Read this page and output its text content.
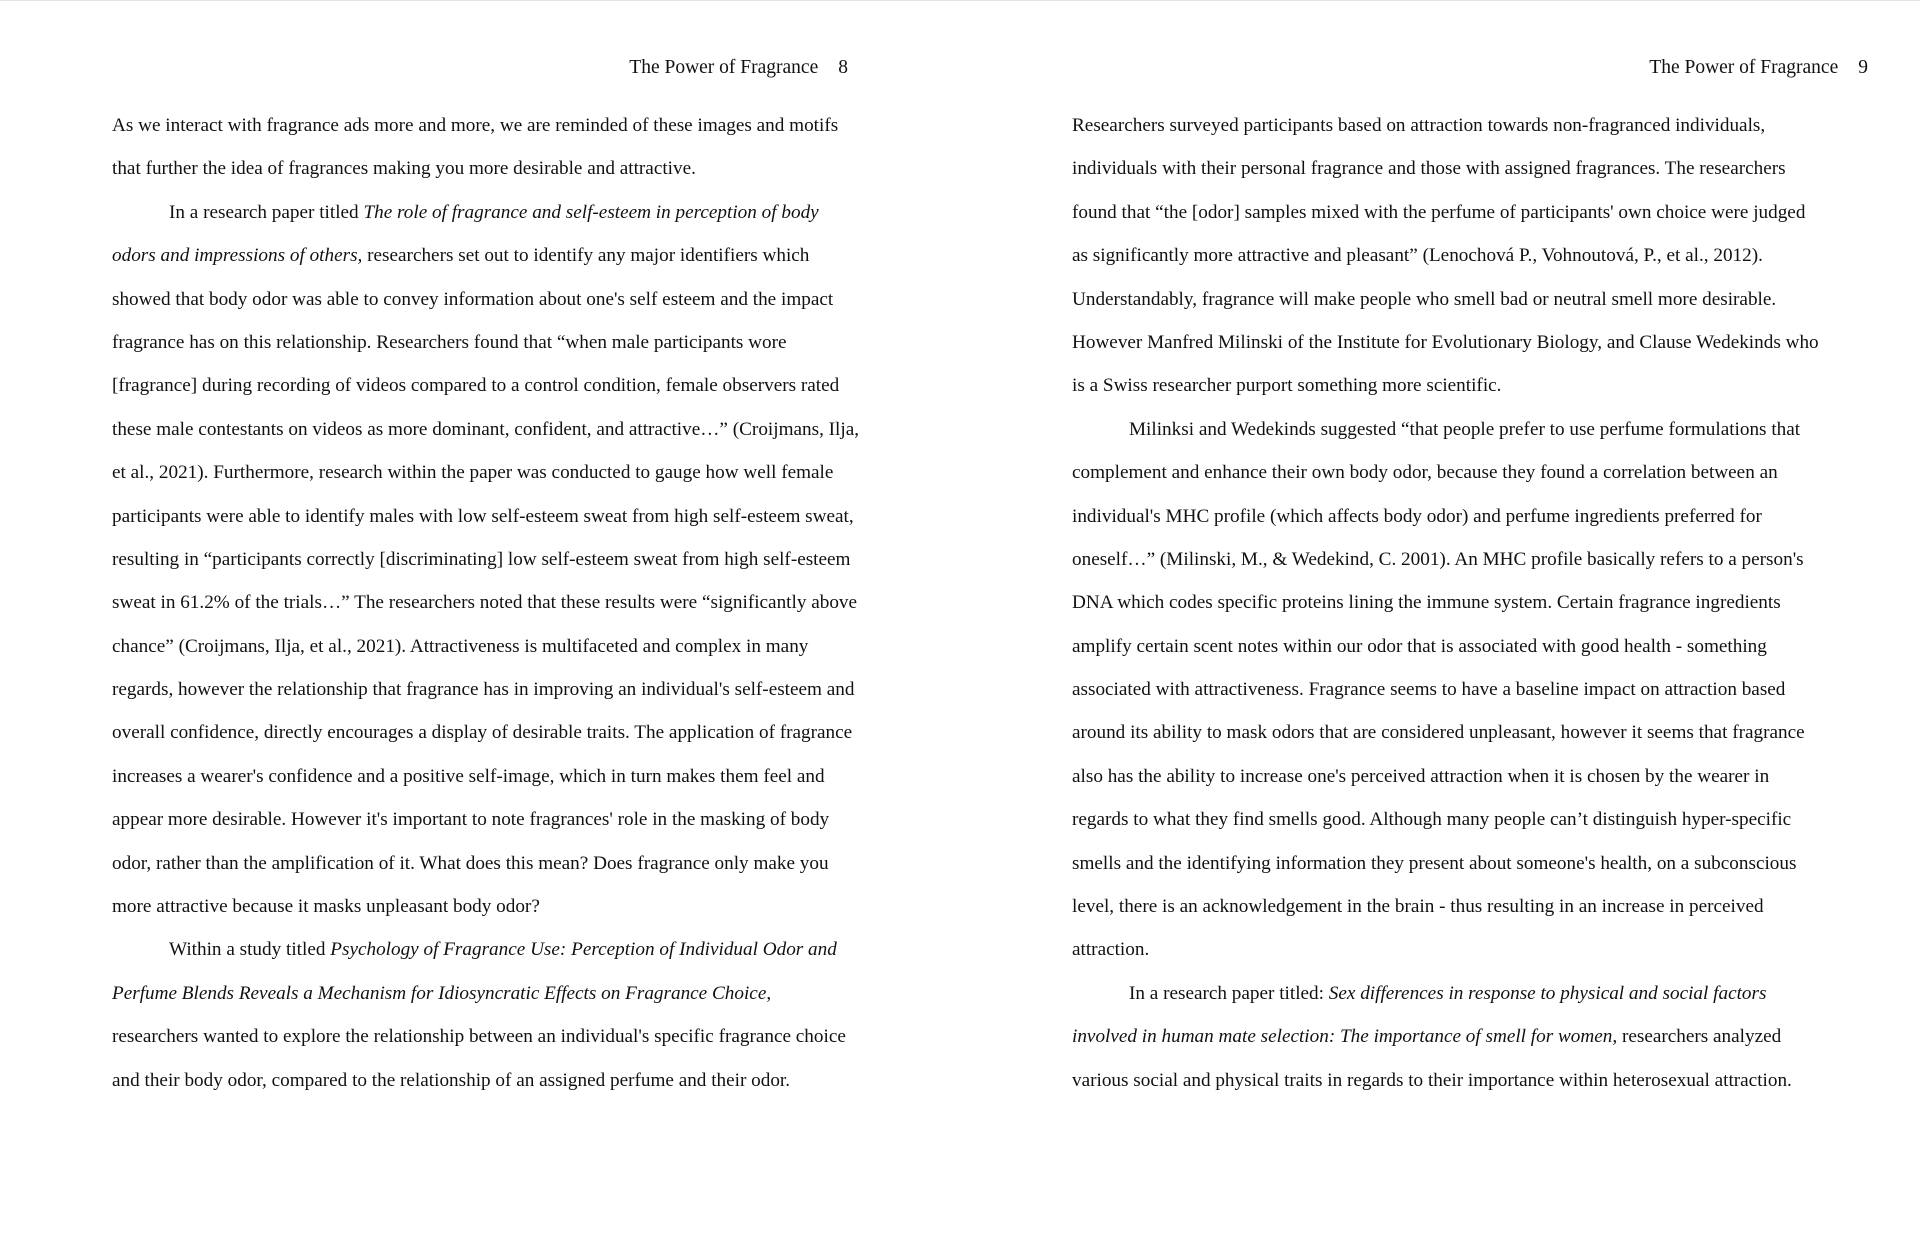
The Power of Fragrance 8
As we interact with fragrance ads more and more, we are reminded of these images and motifs
that further the idea of fragrances making you more desirable and attractive.
In a research paper titled The role of fragrance and self-esteem in perception of body
odors and impressions of others, researchers set out to identify any major identifiers which
showed that body odor was able to convey information about one's self esteem and the impact
fragrance has on this relationship. Researchers found that “when male participants wore
[fragrance] during recording of videos compared to a control condition, female observers rated
these male contestants on videos as more dominant, confident, and attractive…” (Croijmans, Ilja,
et al., 2021). Furthermore, research within the paper was conducted to gauge how well female
participants were able to identify males with low self-esteem sweat from high self-esteem sweat,
resulting in “participants correctly [discriminating] low self-esteem sweat from high self-esteem
sweat in 61.2% of the trials…” The researchers noted that these results were “significantly above
chance” (Croijmans, Ilja, et al., 2021). Attractiveness is multifaceted and complex in many
regards, however the relationship that fragrance has in improving an individual's self-esteem and
overall confidence, directly encourages a display of desirable traits. The application of fragrance
increases a wearer's confidence and a positive self-image, which in turn makes them feel and
appear more desirable. However it's important to note fragrances' role in the masking of body
odor, rather than the amplification of it. What does this mean? Does fragrance only make you
more attractive because it masks unpleasant body odor?
Within a study titled Psychology of Fragrance Use: Perception of Individual Odor and
Perfume Blends Reveals a Mechanism for Idiosyncratic Effects on Fragrance Choice,
researchers wanted to explore the relationship between an individual's specific fragrance choice
and their body odor, compared to the relationship of an assigned perfume and their odor.
The Power of Fragrance 9
Researchers surveyed participants based on attraction towards non-fragranced individuals,
individuals with their personal fragrance and those with assigned fragrances. The researchers
found that “the [odor] samples mixed with the perfume of participants' own choice were judged
as significantly more attractive and pleasant” (Lenochová P., Vohnoutová, P., et al., 2012).
Understandably, fragrance will make people who smell bad or neutral smell more desirable.
However Manfred Milinski of the Institute for Evolutionary Biology, and Clause Wedekinds who
is a Swiss researcher purport something more scientific.
Milinksi and Wedekinds suggested “that people prefer to use perfume formulations that
complement and enhance their own body odor, because they found a correlation between an
individual's MHC profile (which affects body odor) and perfume ingredients preferred for
oneself…” (Milinski, M., & Wedekind, C. 2001). An MHC profile basically refers to a person's
DNA which codes specific proteins lining the immune system. Certain fragrance ingredients
amplify certain scent notes within our odor that is associated with good health - something
associated with attractiveness. Fragrance seems to have a baseline impact on attraction based
around its ability to mask odors that are considered unpleasant, however it seems that fragrance
also has the ability to increase one's perceived attraction when it is chosen by the wearer in
regards to what they find smells good. Although many people can’t distinguish hyper-specific
smells and the identifying information they present about someone's health, on a subconscious
level, there is an acknowledgement in the brain - thus resulting in an increase in perceived
attraction.
In a research paper titled: Sex differences in response to physical and social factors
involved in human mate selection: The importance of smell for women, researchers analyzed
various social and physical traits in regards to their importance within heterosexual attraction.
